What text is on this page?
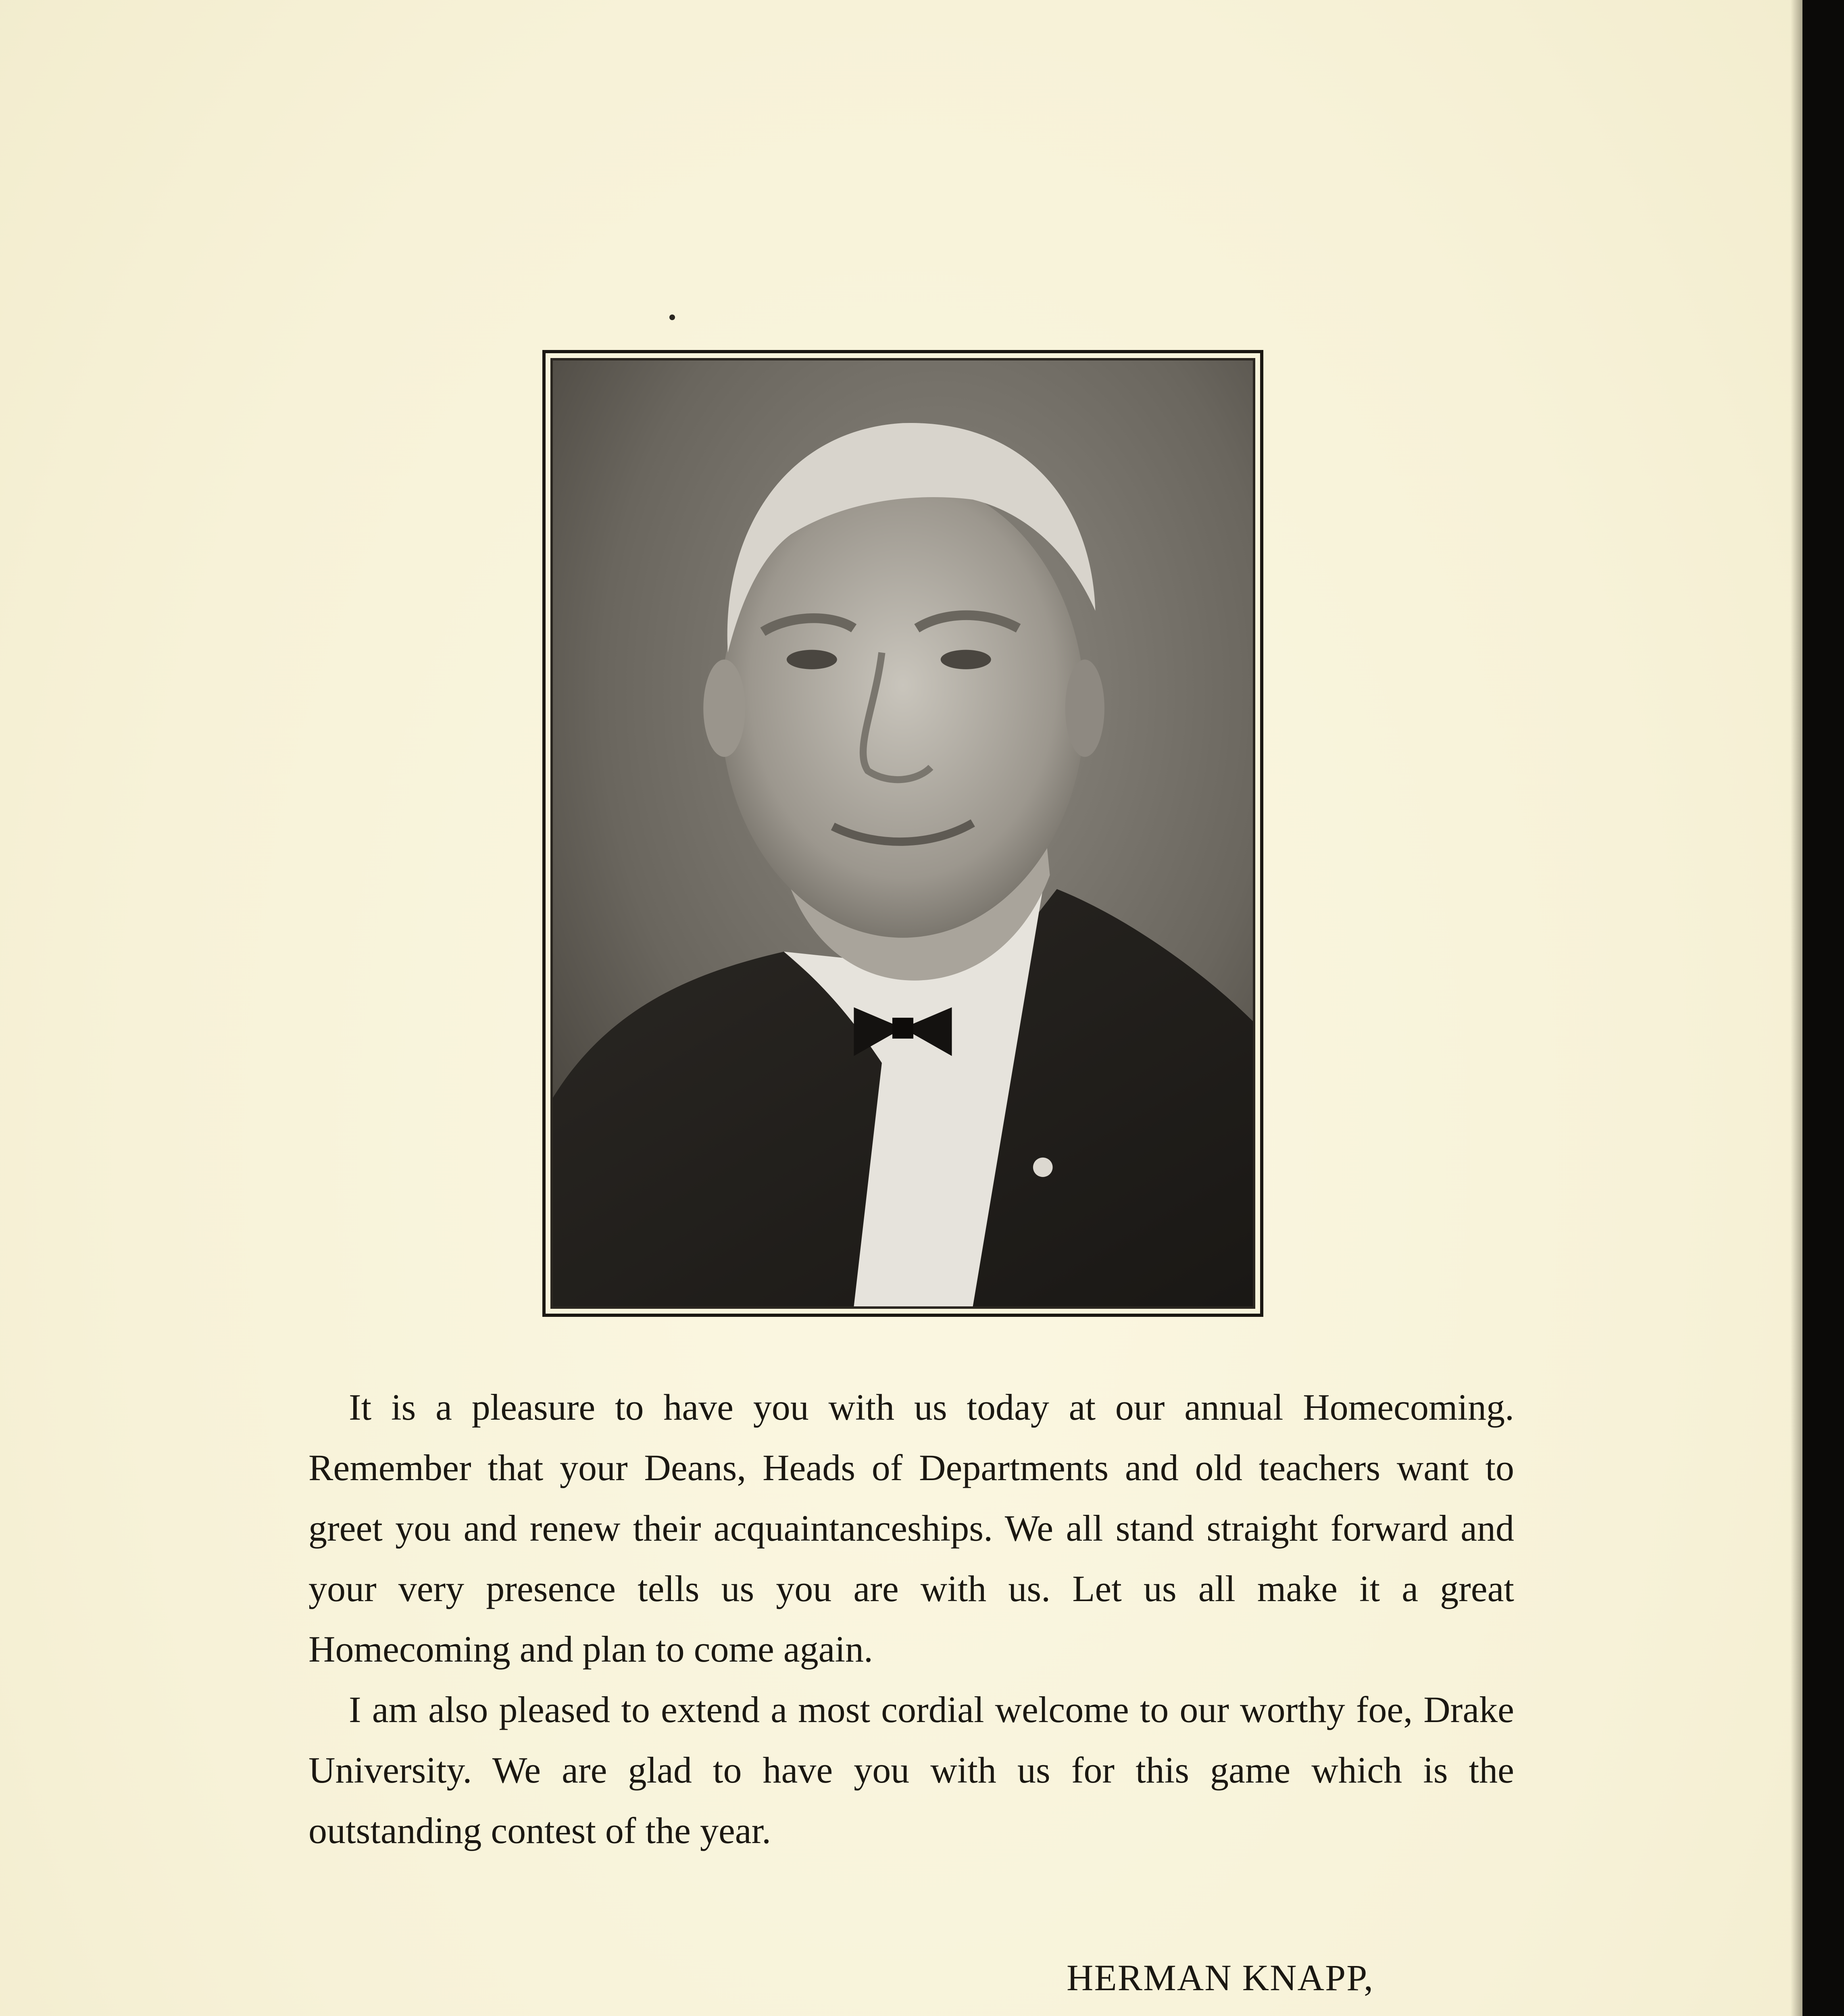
It is a pleasure to have you with us today at our annual Homecoming. Remember that your Deans, Heads of Departments and old teachers want to greet you and renew their acquaintanceships. We all stand straight forward and your very presence tells us you are with us. Let us all make it a great Homecoming and plan to come again.

I am also pleased to extend a most cordial welcome to our worthy foe, Drake University. We are glad to have you with us for this game which is the outstanding contest of the year.

HERMAN KNAPP,
